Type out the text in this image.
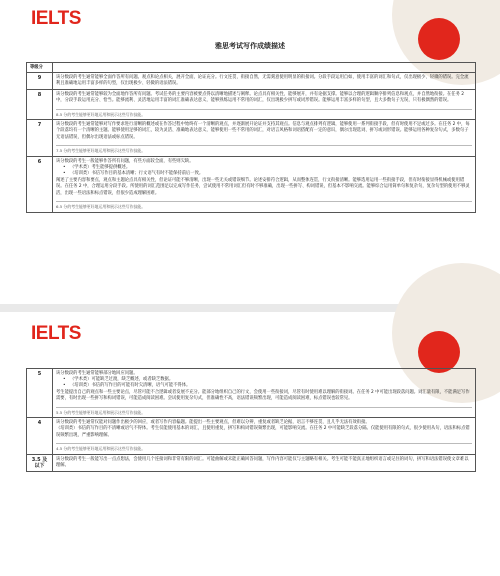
IELTS
雅思考试写作成绩描述
等级分	
9	该分数段的考生通常能够全面作答所有问题。观点和论点相关，展开全面，论证充分。行文连贯，衔接自然，无需刻意使用明显的衔接词。分段手段运用自如，使用丰富的词汇和句式，仅出现极少、轻微的错误。完全流利且准确地运用丰富多样的句型，仅出现极少、轻微的语法错误。

8	该分数段的考生通常能够较为全面地作答所有问题。考试任务的主要内容被要点得以清晰地描述与阐释。论点具有相关性，能够展开，并有论据支撑。能够以合理的逻辑顺序排列信息和观点，并自然地衔接。在任务 2 中，分段手段运用充分、恰当。能够流利、灵活地运用丰富的词汇准确表达意义，能够熟练运用不常用的词汇，仅出现极少拼写或词形错误。能够运用丰富多样的句型，且大多数句子无误，只有极偶然的错误。

8.5 分的考生能够更好地运用和展示这些写作技能。

7	该分数段的考生通常能够对写作要求进行清晰的概述或在作答过程中始终有一个清晰的观点，并逐渐展开论证并支持其观点。信息与观点排列有逻辑，能够使用一系列衔接手段，但有时使用不足或过多。在任务 2 中，每个段落均有一个清晰的主题。能够使用足够的词汇，较为灵活、准确地表达意义，能够使用一些不常用的词汇，对语言风格和词语搭配有一定的意识，偶尔出现选词、拼写或词形错误。能够运用各种复杂句式，多数句子无语法错误，但偶尔出现语法或标点错误。

7.5 分的考生能够更好地运用和展示这些写作技能。

6	该分数段的考生一般能够作答所有问题，有些方面较全面，有些则欠缺。

• （学术类）考生能够提供概述。

• （培训类）书信写作目的基本清晰；行文语气有时不能保持前后一致。

阐述了主要内容和要点，观点和主题论点具有相关性，但论证可能不够清晰，出现一些无关或错误细节。论述安排符合逻辑，从而整体连贯，行文衔接清晰。能够选用运用一些衔接手段，但有时衔接显得机械或使用错误。在任务 2 中，合理运用分段手段。所使用的词汇范围足以完成写作任务，尝试使用不常用词汇但有时不够准确，出现一些拼写、构词错误，但基本不影响交流。能够综合运用简单句和复杂句，复杂句型的使用不够灵活，出现一些语法和标点错误，但很少造成理解困难。

6.5 分的考生能够更好地运用和展示这些写作技能。
IELTS
5	该分数段的考生通常能够部分地回应问题。

• （学术类）可能缺乏过渡，缺乏概述，或者缺乏数据。

• （培训类）书信的写作目的可能有时欠清晰，语气可能不得体。

考生能提出自己的观点和一些主要论点，尽管可能不合逻辑或者发展不充分。能部分地组织自己的行文，会使用一些衔接词，尽管有时使用难以理解的衔接词。在任务 2 中可能出现段落问题。词汇量有限，不能满足写作需要，有时出现一些拼写和构词错误，可能造成阅读困难。尝试使用复杂句式，但准确性不高，语法错误频繁出现，可能造成阅读困难，标点错误也较常见。

5.5 分的考生能够更好地运用和展示这些写作技能。

4	该分数段的考生通常仅能对问题作出极少的回应，或者写作内容偏题。能提出一些主要观点，但难以分辨，重复或者缺乏论据，语言不够连贯，且几乎无法有效衔接。

（培训类）书信的写作目的不清晰或语气不得体。考生仅能使用基本的词汇，且使用重复，拼写和构词错误频繁出现，可能影响交流。在任务 2 中可能缺乏段落分隔。仅能使用有限的句式，很少使用从句，语法和标点错误频繁出现，严重影响理解。

4.5 分的考生能够更好地运用和展示这些写作技能。

3.5 及以下	该分数段的考生一般能写出一点点想法，会使用几个连接词和非常有限的词汇。可能曲解或未能正确回答问题，写作内容可能仅与主题略有相关。考生可能不能真正地组织语言或记住的词句，拼写和语法错误使文章难以理解。
